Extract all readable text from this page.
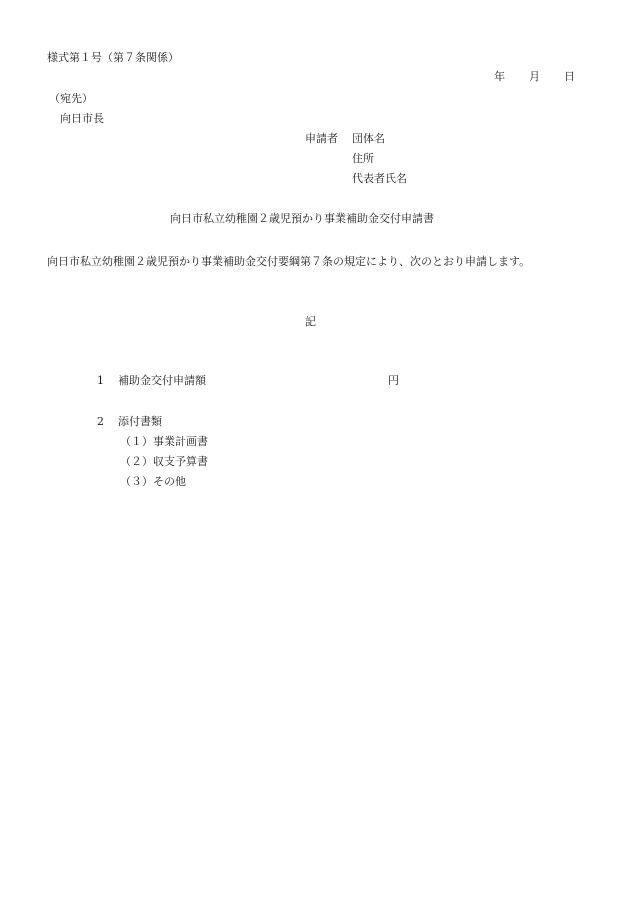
様式第１号（第７条関係）

年 月 日

（宛先）

向日市長

申請者 団体名
住所
代表者氏名

向日市私立幼稚園２歳児預かり事業補助金交付申請書

向日市私立幼稚園２歳児預かり事業補助金交付要綱第７条の規定により、次のとおり申請します。

記

1 補助金交付申請額	円
2 添付書類
（１）事業計画書
（２）収支予算書
（３）その他
